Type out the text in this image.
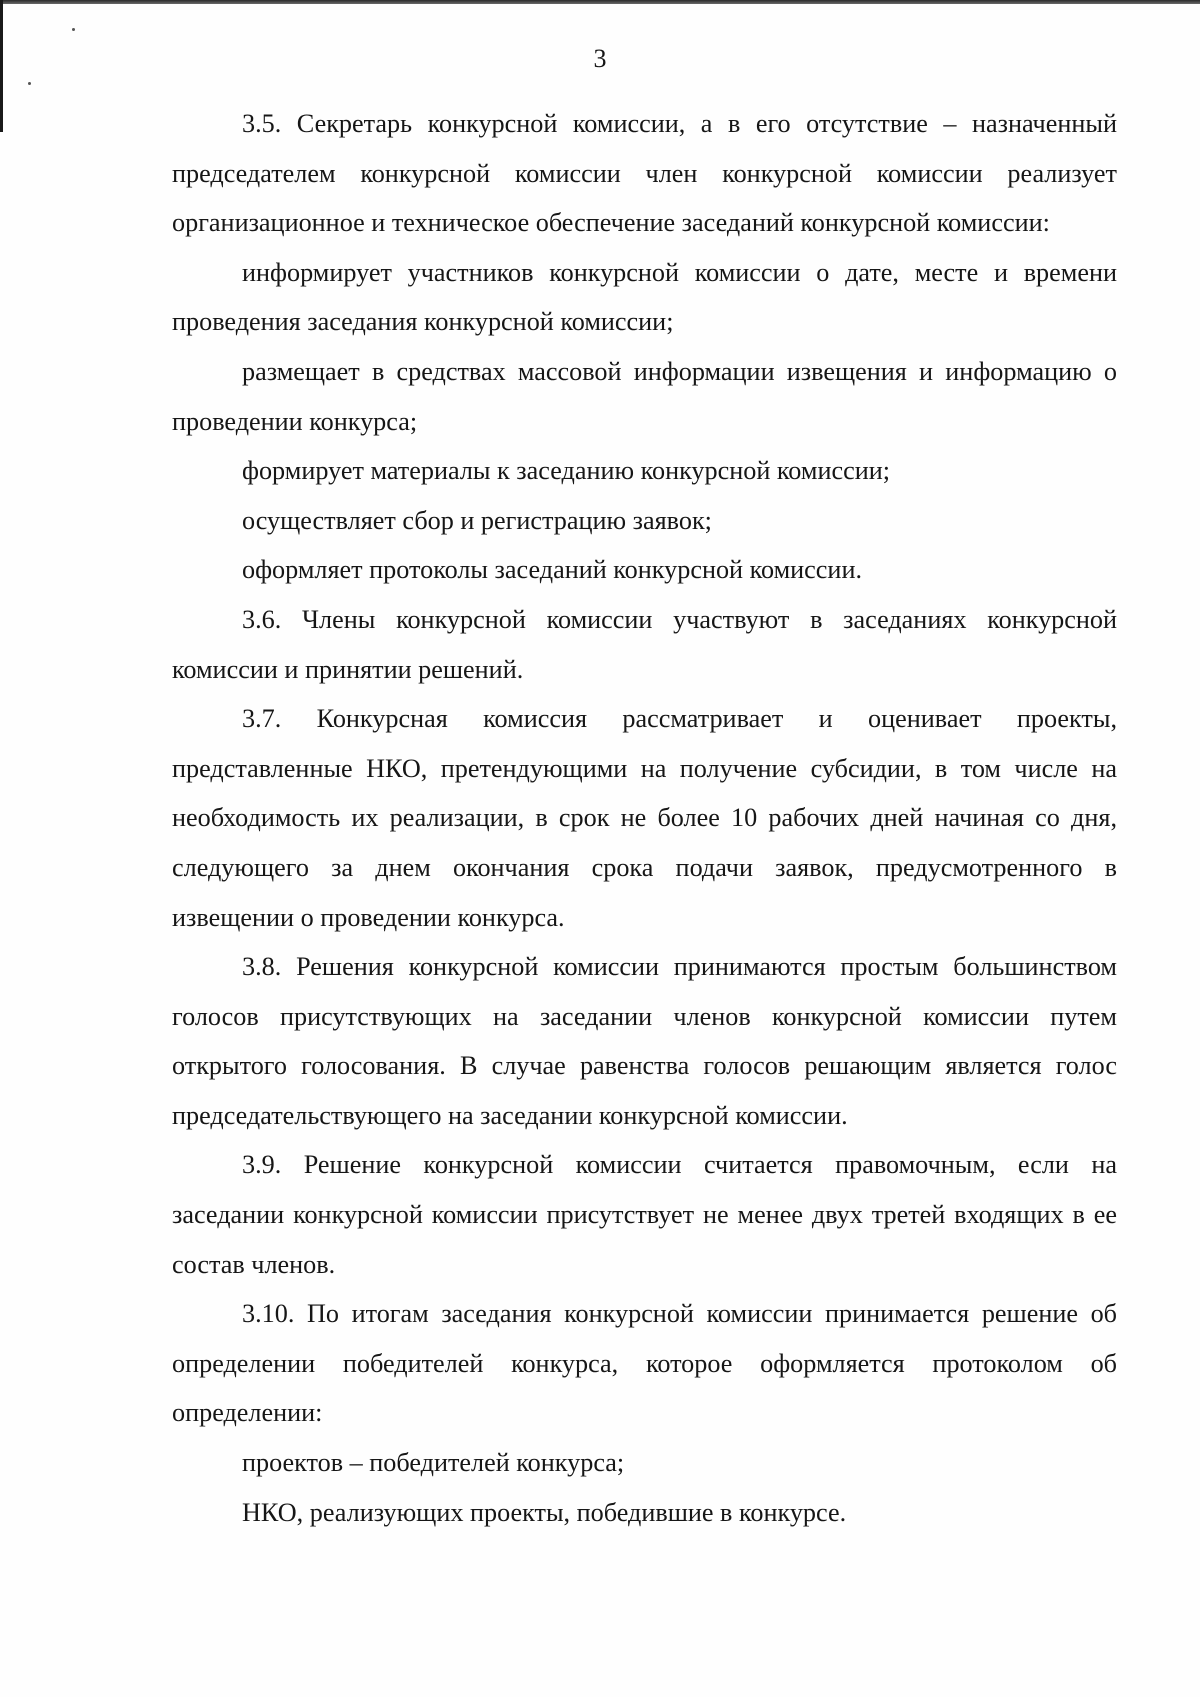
3

3.5. Секретарь конкурсной комиссии, а в его отсутствие – назначенный председателем конкурсной комиссии член конкурсной комиссии реализует организационное и техническое обеспечение заседаний конкурсной комиссии:

информирует участников конкурсной комиссии о дате, месте и времени проведения заседания конкурсной комиссии;

размещает в средствах массовой информации извещения и информацию о проведении конкурса;

формирует материалы к заседанию конкурсной комиссии;

осуществляет сбор и регистрацию заявок;

оформляет протоколы заседаний конкурсной комиссии.

3.6. Члены конкурсной комиссии участвуют в заседаниях конкурсной комиссии и принятии решений.

3.7. Конкурсная комиссия рассматривает и оценивает проекты, представленные НКО, претендующими на получение субсидии, в том числе на необходимость их реализации, в срок не более 10 рабочих дней начиная со дня, следующего за днем окончания срока подачи заявок, предусмотренного в извещении о проведении конкурса.

3.8. Решения конкурсной комиссии принимаются простым большинством голосов присутствующих на заседании членов конкурсной комиссии путем открытого голосования. В случае равенства голосов решающим является голос председательствующего на заседании конкурсной комиссии.

3.9. Решение конкурсной комиссии считается правомочным, если на заседании конкурсной комиссии присутствует не менее двух третей входящих в ее состав членов.

3.10. По итогам заседания конкурсной комиссии принимается решение об определении победителей конкурса, которое оформляется протоколом об определении:

проектов – победителей конкурса;

НКО, реализующих проекты, победившие в конкурсе.
